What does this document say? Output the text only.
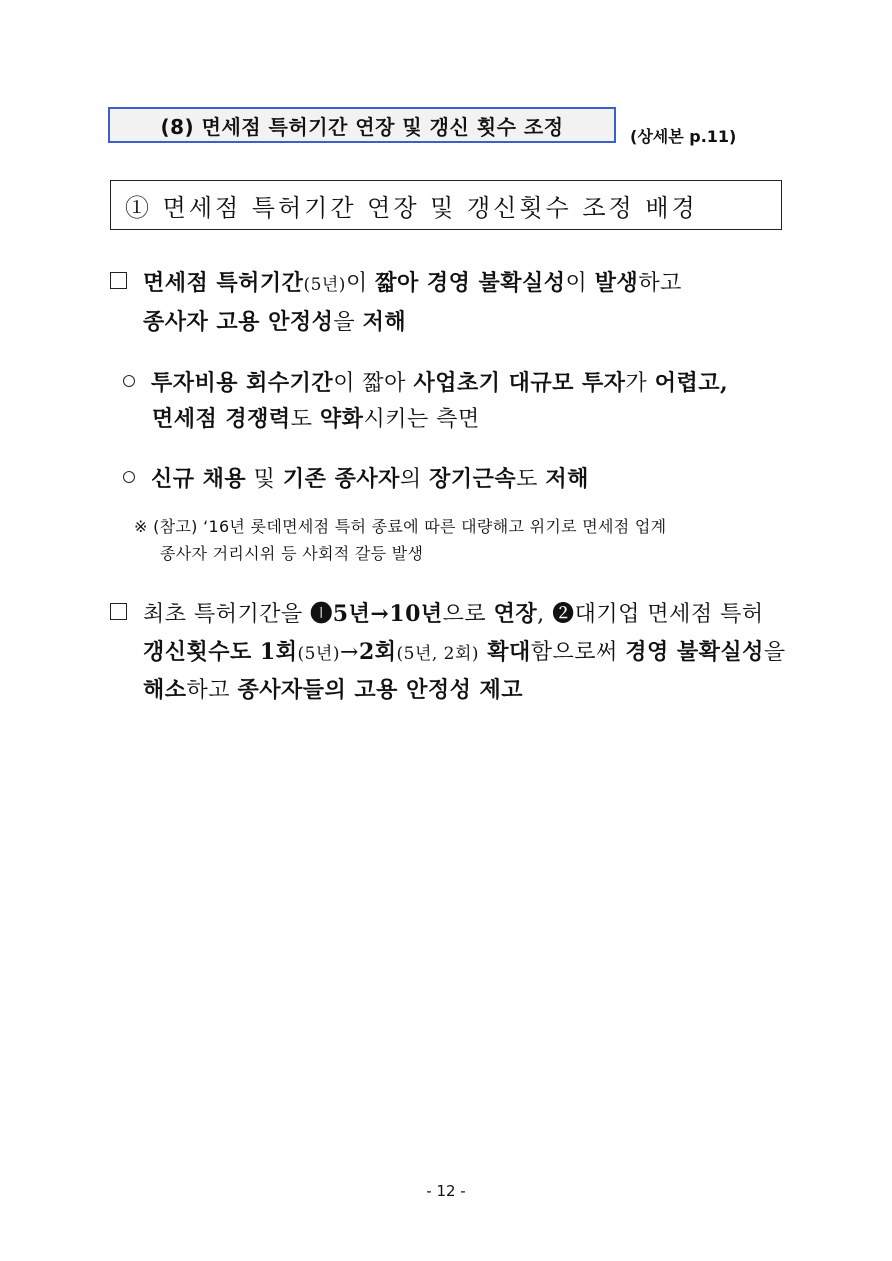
(8) 면세점 특허기간 연장 및 갱신 횟수 조정	(상세본 p.11)
① 면세점 특허기간 연장 및 갱신횟수 조정 배경
면세점 특허기간(5년)이 짧아 경영 불확실성이 발생하고
종사자 고용 안정성을 저해
투자비용 회수기간이 짧아 사업초기 대규모 투자가 어렵고,
면세점 경쟁력도 약화시키는 측면
신규 채용 및 기존 종사자의 장기근속도 저해
※ (참고) ‘16년 롯데면세점 특허 종료에 따른 대량해고 위기로 면세점 업계
종사자 거리시위 등 사회적 갈등 발생
최초 특허기간을 ❶5년→10년으로 연장, ❷대기업 면세점 특허
갱신횟수도 1회(5년)→2회(5년, 2회) 확대함으로써 경영 불확실성을
해소하고 종사자들의 고용 안정성 제고
- 12 -
